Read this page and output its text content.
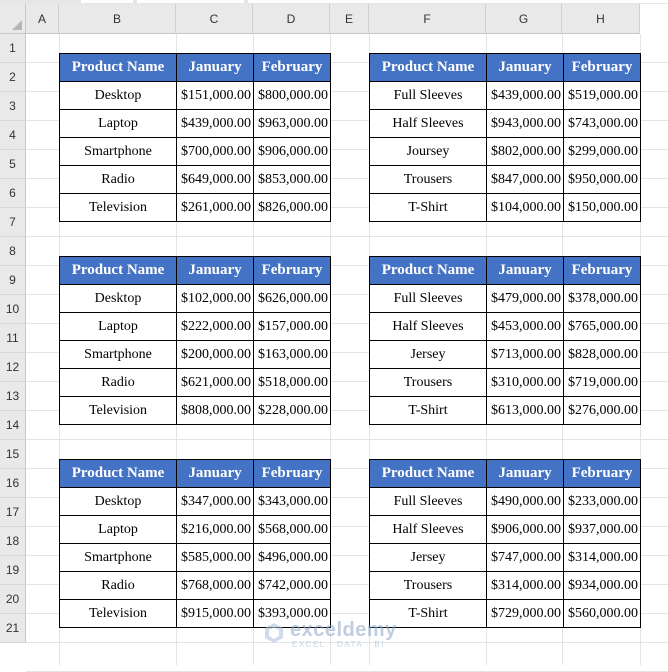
A	B	C	D	E	F	G	H
1
2
3
4
5
6
7
8
9
10
11
12
13
14
15
16
17
18
19
20
21
Product Name	January	February
Desktop	$151,000.00	$800,000.00
Laptop	$439,000.00	$963,000.00
Smartphone	$700,000.00	$906,000.00
Radio	$649,000.00	$853,000.00
Television	$261,000.00	$826,000.00
Product Name	January	February
Full Sleeves	$439,000.00	$519,000.00
Half Sleeves	$943,000.00	$743,000.00
Joursey	$802,000.00	$299,000.00
Trousers	$847,000.00	$950,000.00
T-Shirt	$104,000.00	$150,000.00
Product Name	January	February
Desktop	$102,000.00	$626,000.00
Laptop	$222,000.00	$157,000.00
Smartphone	$200,000.00	$163,000.00
Radio	$621,000.00	$518,000.00
Television	$808,000.00	$228,000.00
Product Name	January	February
Full Sleeves	$479,000.00	$378,000.00
Half Sleeves	$453,000.00	$765,000.00
Jersey	$713,000.00	$828,000.00
Trousers	$310,000.00	$719,000.00
T-Shirt	$613,000.00	$276,000.00
Product Name	January	February
Desktop	$347,000.00	$343,000.00
Laptop	$216,000.00	$568,000.00
Smartphone	$585,000.00	$496,000.00
Radio	$768,000.00	$742,000.00
Television	$915,000.00	$393,000.00
Product Name	January	February
Full Sleeves	$490,000.00	$233,000.00
Half Sleeves	$906,000.00	$937,000.00
Jersey	$747,000.00	$314,000.00
Trousers	$314,000.00	$934,000.00
T-Shirt	$729,000.00	$560,000.00
exceldemy
EXCEL · DATA · BI
